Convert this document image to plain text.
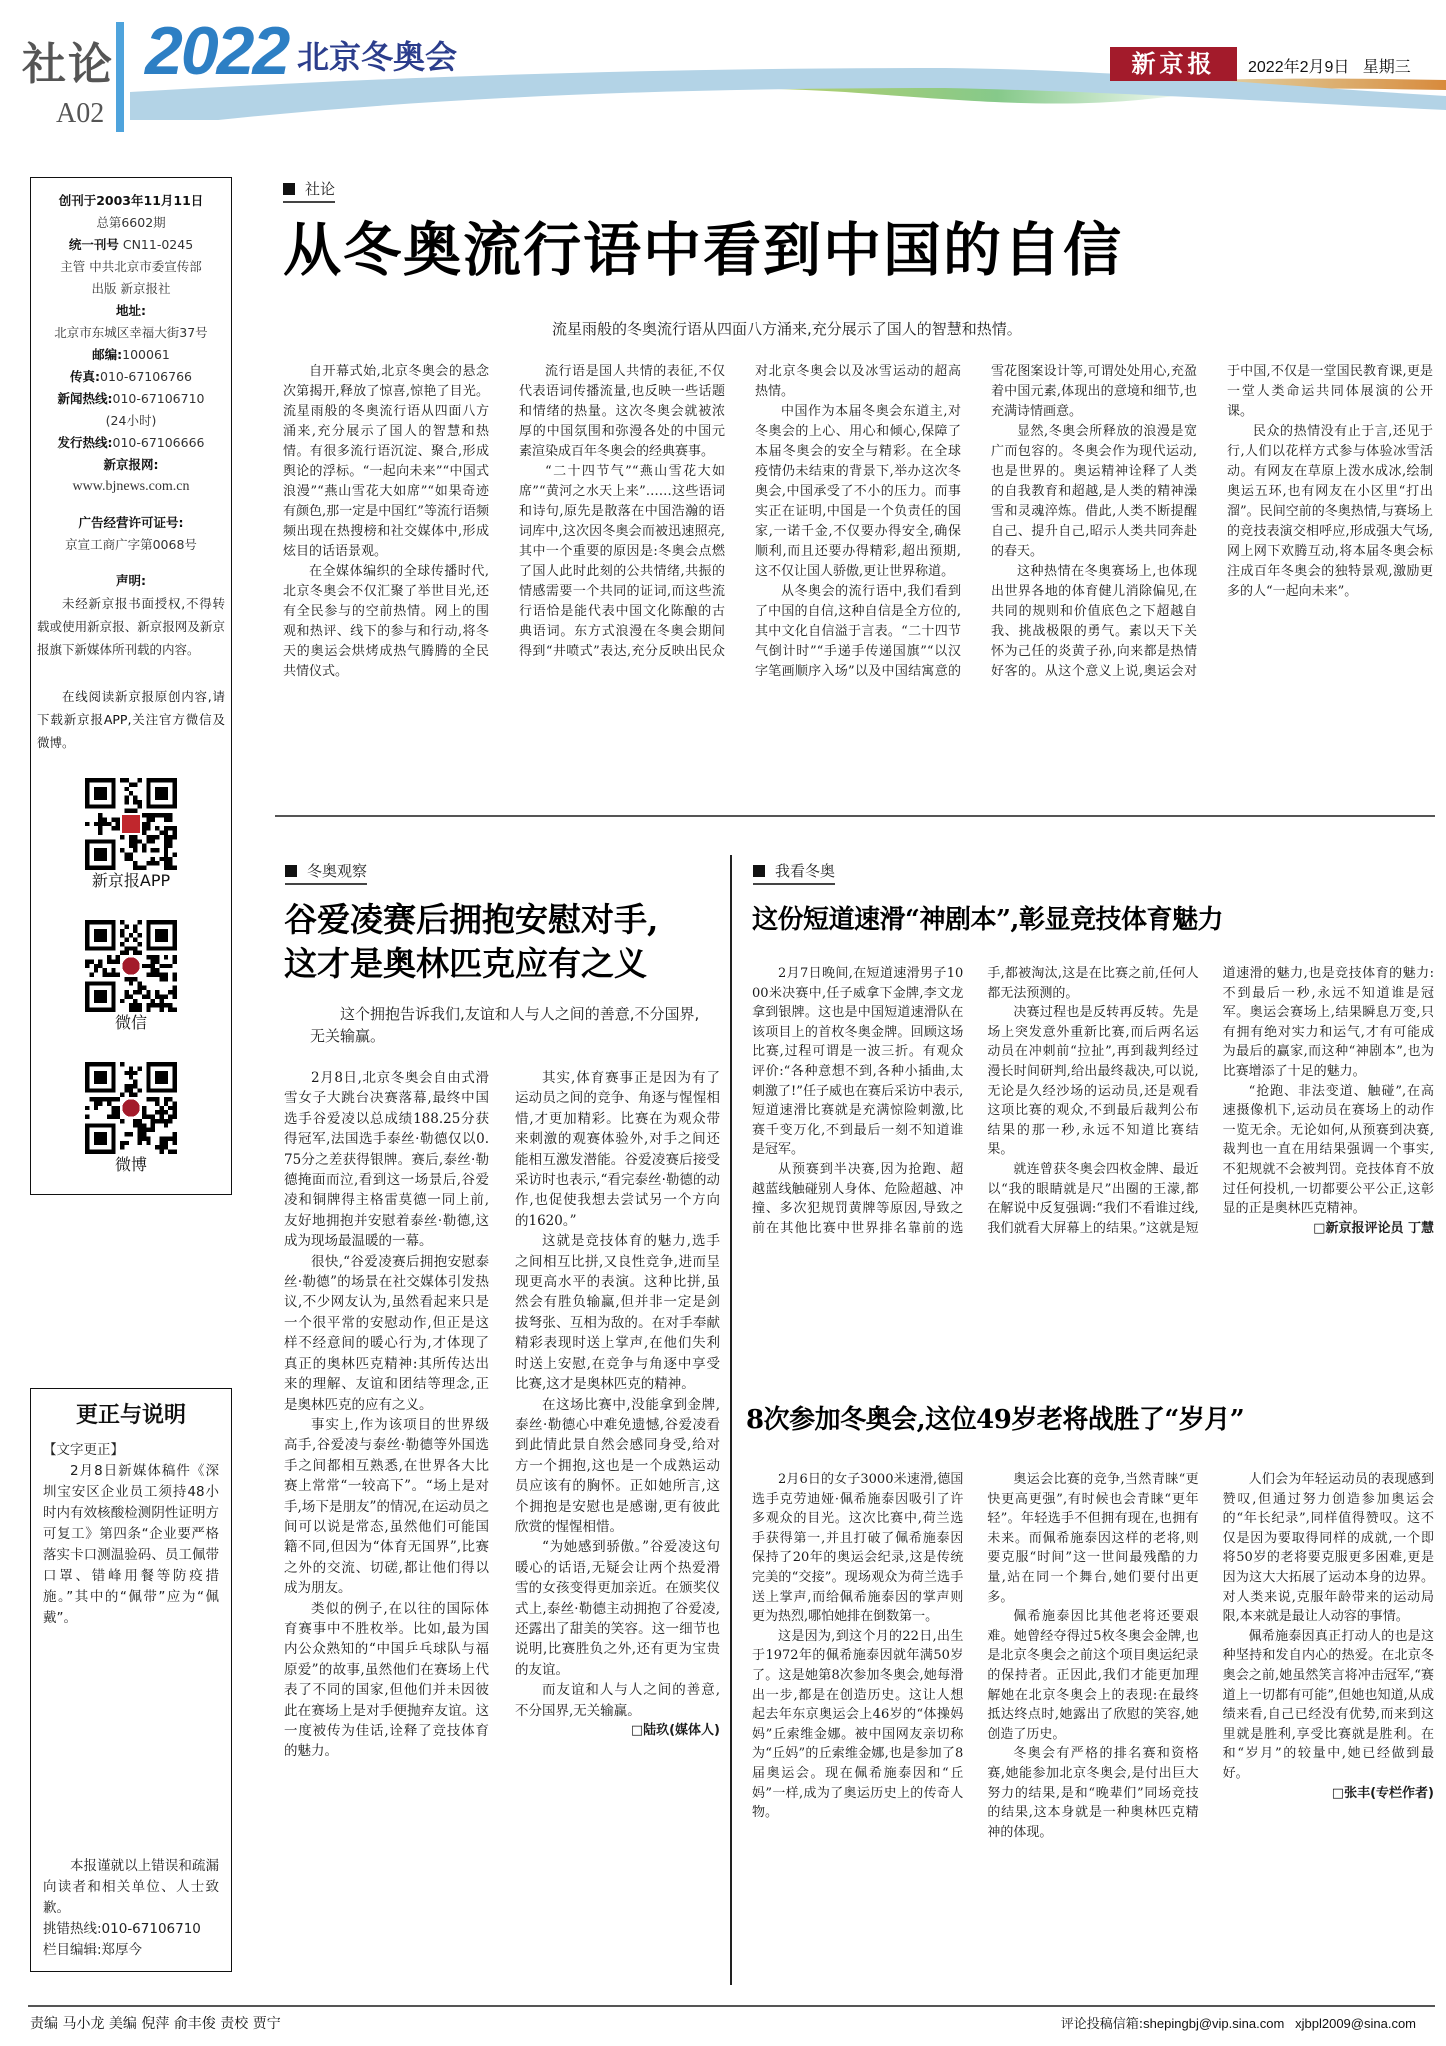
社论
A02
2022 北京冬奥会	新京报	2022年2月9日 星期三
创刊于2003年11月11日
总第6602期
统一刊号 CN11-0245
主管 中共北京市委宣传部
出版 新京报社
地址:
北京市东城区幸福大街37号
邮编:100061
传真:010-67106766
新闻热线:010-67106710
(24小时)
发行热线:010-67106666
新京报网:
www.bjnews.com.cn
广告经营许可证号:
京宣工商广字第0068号
声明:

未经新京报书面授权,不得转载或使用新京报、新京报网及新京报旗下新媒体所刊载的内容。

在线阅读新京报原创内容,请下载新京报APP,关注官方微信及微博。

新京报APP
微信
微博
更正与说明
【文字更正】

2月8日新媒体稿件《深圳宝安区企业员工须持48小时内有效核酸检测阴性证明方可复工》第四条“企业要严格落实卡口测温验码、员工佩带口罩、错峰用餐等防疫措施。”其中的“佩带”应为“佩戴”。

本报谨就以上错误和疏漏向读者和相关单位、人士致歉。

挑错热线:010-67106710

栏目编辑:郑厚今

社论
从冬奥流行语中看到中国的自信
流星雨般的冬奥流行语从四面八方涌来,充分展示了国人的智慧和热情。

自开幕式始,北京冬奥会的悬念次第揭开,释放了惊喜,惊艳了目光。流星雨般的冬奥流行语从四面八方涌来,充分展示了国人的智慧和热情。有很多流行语沉淀、聚合,形成舆论的浮标。“一起向未来”“中国式浪漫”“燕山雪花大如席”“如果奇迹有颜色,那一定是中国红”等流行语频频出现在热搜榜和社交媒体中,形成炫目的话语景观。

在全媒体编织的全球传播时代,北京冬奥会不仅汇聚了举世目光,还有全民参与的空前热情。网上的围观和热评、线下的参与和行动,将冬天的奥运会烘烤成热气腾腾的全民共情仪式。

流行语是国人共情的表征,不仅代表语词传播流量,也反映一些话题和情绪的热量。这次冬奥会就被浓厚的中国氛围和弥漫各处的中国元素渲染成百年冬奥会的经典赛事。

“二十四节气”“燕山雪花大如席”“黄河之水天上来”……这些语词和诗句,原先是散落在中国浩瀚的语词库中,这次因冬奥会而被迅速照亮,其中一个重要的原因是:冬奥会点燃了国人此时此刻的公共情绪,共振的情感需要一个共同的证词,而这些流行语恰是能代表中国文化陈酿的古典语词。东方式浪漫在冬奥会期间得到“井喷式”表达,充分反映出民众对北京冬奥会以及冰雪运动的超高热情。

中国作为本届冬奥会东道主,对冬奥会的上心、用心和倾心,保障了本届冬奥会的安全与精彩。在全球疫情仍未结束的背景下,举办这次冬奥会,中国承受了不小的压力。而事实正在证明,中国是一个负责任的国家,一诺千金,不仅要办得安全,确保顺利,而且还要办得精彩,超出预期,这不仅让国人骄傲,更让世界称道。

从冬奥会的流行语中,我们看到了中国的自信,这种自信是全方位的,其中文化自信溢于言表。“二十四节气倒计时”“手递手传递国旗”“以汉字笔画顺序入场”以及中国结寓意的雪花图案设计等,可谓处处用心,充盈着中国元素,体现出的意境和细节,也充满诗情画意。

显然,冬奥会所释放的浪漫是宽广而包容的。冬奥会作为现代运动,也是世界的。奥运精神诠释了人类的自我教育和超越,是人类的精神澡雪和灵魂淬炼。借此,人类不断提醒自己、提升自己,昭示人类共同奔赴的春天。

这种热情在冬奥赛场上,也体现出世界各地的体育健儿消除偏见,在共同的规则和价值底色之下超越自我、挑战极限的勇气。素以天下关怀为己任的炎黄子孙,向来都是热情好客的。从这个意义上说,奥运会对于中国,不仅是一堂国民教育课,更是一堂人类命运共同体展演的公开课。

民众的热情没有止于言,还见于行,人们以花样方式参与体验冰雪活动。有网友在草原上泼水成冰,绘制奥运五环,也有网友在小区里“打出溜”。民间空前的冬奥热情,与赛场上的竞技表演交相呼应,形成强大气场,网上网下欢腾互动,将本届冬奥会标注成百年冬奥会的独特景观,激励更多的人“一起向未来”。

冬奥观察
谷爱凌赛后拥抱安慰对手,
这才是奥林匹克应有之义
这个拥抱告诉我们,友谊和人与人之间的善意,不分国界,无关输赢。

2月8日,北京冬奥会自由式滑雪女子大跳台决赛落幕,最终中国选手谷爱凌以总成绩188.25分获得冠军,法国选手泰丝·勒德仅以0.75分之差获得银牌。赛后,泰丝·勒德掩面而泣,看到这一场景后,谷爱凌和铜牌得主格雷莫德一同上前,友好地拥抱并安慰着泰丝·勒德,这成为现场最温暖的一幕。

很快,“谷爱凌赛后拥抱安慰泰丝·勒德”的场景在社交媒体引发热议,不少网友认为,虽然看起来只是一个很平常的安慰动作,但正是这样不经意间的暖心行为,才体现了真正的奥林匹克精神:其所传达出来的理解、友谊和团结等理念,正是奥林匹克的应有之义。

事实上,作为该项目的世界级高手,谷爱凌与泰丝·勒德等外国选手之间都相互熟悉,在世界各大比赛上常常“一较高下”。“场上是对手,场下是朋友”的情况,在运动员之间可以说是常态,虽然他们可能国籍不同,但因为“体育无国界”,比赛之外的交流、切磋,都让他们得以成为朋友。

类似的例子,在以往的国际体育赛事中不胜枚举。比如,最为国内公众熟知的“中国乒乓球队与福原爱”的故事,虽然他们在赛场上代表了不同的国家,但他们并未因彼此在赛场上是对手便抛弃友谊。这一度被传为佳话,诠释了竞技体育的魅力。

其实,体育赛事正是因为有了运动员之间的竞争、角逐与惺惺相惜,才更加精彩。比赛在为观众带来刺激的观赛体验外,对手之间还能相互激发潜能。谷爱凌赛后接受采访时也表示,“看完泰丝·勒德的动作,也促使我想去尝试另一个方向的1620。”

这就是竞技体育的魅力,选手之间相互比拼,又良性竞争,进而呈现更高水平的表演。这种比拼,虽然会有胜负输赢,但并非一定是剑拔弩张、互相为敌的。在对手奉献精彩表现时送上掌声,在他们失利时送上安慰,在竞争与角逐中享受比赛,这才是奥林匹克的精神。

在这场比赛中,没能拿到金牌,泰丝·勒德心中难免遗憾,谷爱凌看到此情此景自然会感同身受,给对方一个拥抱,这也是一个成熟运动员应该有的胸怀。正如她所言,这个拥抱是安慰也是感谢,更有彼此欣赏的惺惺相惜。

“为她感到骄傲。”谷爱凌这句暖心的话语,无疑会让两个热爱滑雪的女孩变得更加亲近。在颁奖仪式上,泰丝·勒德主动拥抱了谷爱凌,还露出了甜美的笑容。这一细节也说明,比赛胜负之外,还有更为宝贵的友谊。

而友谊和人与人之间的善意,不分国界,无关输赢。

□ 陆玖(媒体人)
我看冬奥
这份短道速滑“神剧本”,彰显竞技体育魅力

2月7日晚间,在短道速滑男子1000米决赛中,任子威拿下金牌,李文龙拿到银牌。这也是中国短道速滑队在该项目上的首枚冬奥金牌。回顾这场比赛,过程可谓是一波三折。有观众评价:“各种意想不到,各种小插曲,太刺激了!”任子威也在赛后采访中表示,短道速滑比赛就是充满惊险刺激,比赛千变万化,不到最后一刻不知道谁是冠军。

从预赛到半决赛,因为抢跑、超越蓝线触碰别人身体、危险超越、冲撞、多次犯规罚黄牌等原因,导致之前在其他比赛中世界排名靠前的选手,都被淘汰,这是在比赛之前,任何人都无法预测的。

决赛过程也是反转再反转。先是场上突发意外重新比赛,而后两名运动员在冲刺前“拉扯”,再到裁判经过漫长时间研判,给出最终裁决,可以说,无论是久经沙场的运动员,还是观看这项比赛的观众,不到最后裁判公布结果的那一秒,永远不知道比赛结果。

就连曾获冬奥会四枚金牌、最近以“我的眼睛就是尺”出圈的王濛,都在解说中反复强调:“我们不看谁过线,我们就看大屏幕上的结果。”这就是短道速滑的魅力,也是竞技体育的魅力:不到最后一秒,永远不知道谁是冠军。奥运会赛场上,结果瞬息万变,只有拥有绝对实力和运气,才有可能成为最后的赢家,而这种“神剧本”,也为比赛增添了十足的魅力。

“抢跑、非法变道、触碰”,在高速摄像机下,运动员在赛场上的动作一览无余。无论如何,从预赛到决赛,裁判也一直在用结果强调一个事实,不犯规就不会被判罚。竞技体育不放过任何投机,一切都要公平公正,这彰显的正是奥林匹克精神。

□ 新京报评论员 丁慧
8次参加冬奥会,这位49岁老将战胜了“岁月”

2月6日的女子3000米速滑,德国选手克劳迪娅·佩希施泰因吸引了许多观众的目光。这次比赛中,荷兰选手获得第一,并且打破了佩希施泰因保持了20年的奥运会纪录,这是传统完美的“交接”。现场观众为荷兰选手送上掌声,而给佩希施泰因的掌声则更为热烈,哪怕她排在倒数第一。

这是因为,到这个月的22日,出生于1972年的佩希施泰因就年满50岁了。这是她第8次参加冬奥会,她每滑出一步,都是在创造历史。这让人想起去年东京奥运会上46岁的“体操妈妈”丘索维金娜。被中国网友亲切称为“丘妈”的丘索维金娜,也是参加了8届奥运会。现在佩希施泰因和“丘妈”一样,成为了奥运历史上的传奇人物。

奥运会比赛的竞争,当然青睐“更快更高更强”,有时候也会青睐“更年轻”。年轻选手不但拥有现在,也拥有未来。而佩希施泰因这样的老将,则要克服“时间”这一世间最残酷的力量,站在同一个舞台,她们要付出更多。

佩希施泰因比其他老将还要艰难。她曾经夺得过5枚冬奥会金牌,也是北京冬奥会之前这个项目奥运纪录的保持者。正因此,我们才能更加理解她在北京冬奥会上的表现:在最终抵达终点时,她露出了欣慰的笑容,她创造了历史。

冬奥会有严格的排名赛和资格赛,她能参加北京冬奥会,是付出巨大努力的结果,是和“晚辈们”同场竞技的结果,这本身就是一种奥林匹克精神的体现。

人们会为年轻运动员的表现感到赞叹,但通过努力创造参加奥运会的“年长纪录”,同样值得赞叹。这不仅是因为要取得同样的成就,一个即将50岁的老将要克服更多困难,更是因为这大大拓展了运动本身的边界。对人类来说,克服年龄带来的运动局限,本来就是最让人动容的事情。

佩希施泰因真正打动人的也是这种坚持和发自内心的热爱。在北京冬奥会之前,她虽然笑言将冲击冠军,“赛道上一切都有可能”,但她也知道,从成绩来看,自己已经没有优势,而来到这里就是胜利,享受比赛就是胜利。在和“岁月”的较量中,她已经做到最好。

□ 张丰(专栏作者)
责编 马小龙 美编 倪萍 俞丰俊 责校 贾宁	评论投稿信箱:shepingbj@vip.sina.com xjbpl2009@sina.com
